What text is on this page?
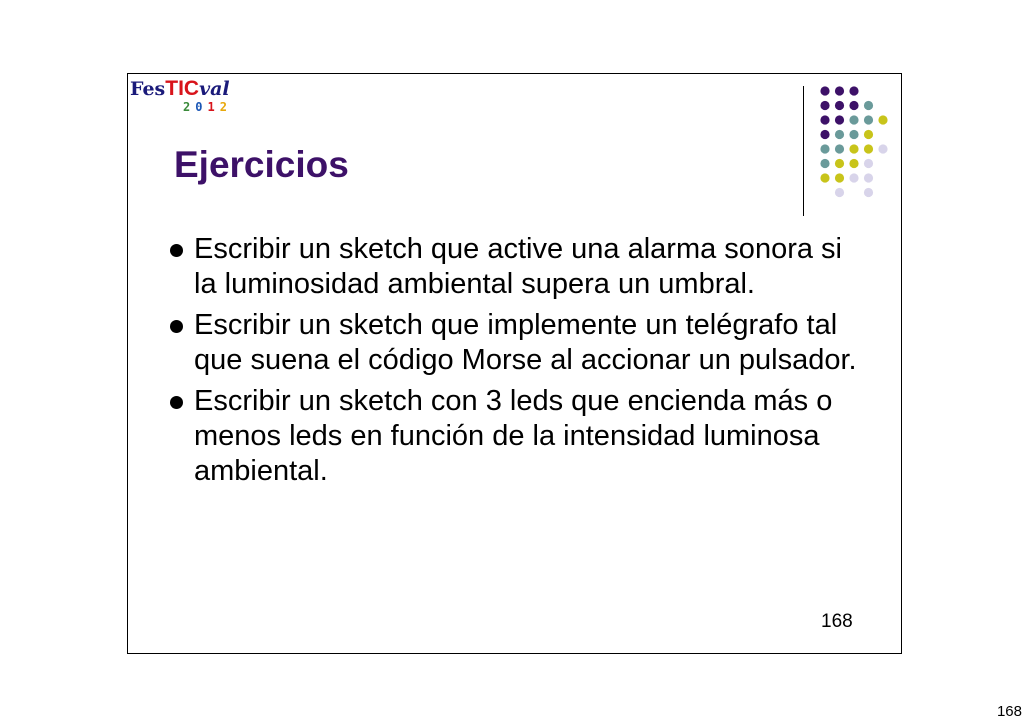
FesTICval
2 0 1 2
Ejercicios
Escribir un sketch que active una alarma sonora si la luminosidad ambiental supera un umbral.
Escribir un sketch que implemente un telégrafo tal que suena el código Morse al accionar un pulsador.
Escribir un sketch con 3 leds que encienda más o menos leds en función de la intensidad luminosa ambiental.
168
168
